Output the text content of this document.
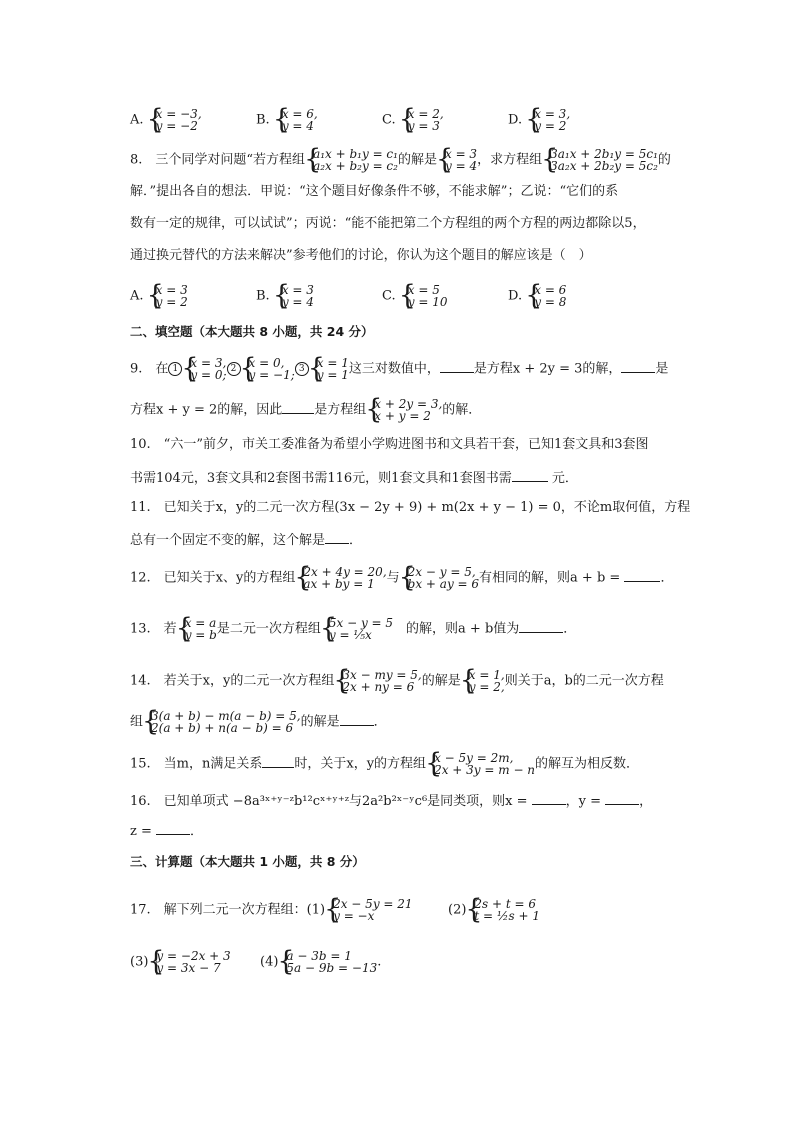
A. { x = −3,
y = −2	B. { x = 6,
y = 4	C. { x = 2,
y = 3	D. { x = 3,
y = 2
8.　三个同学对问题“若方程组 { a₁x + b₁y = c₁
a₂x + b₂y = c₂ 的解是 { x = 3
y = 4 ，求方程组 { 3a₁x + 2b₁y = 5c₁
3a₂x + 2b₂y = 5c₂ 的
解．”提出各自的想法．甲说：“这个题目好像条件不够，不能求解”；乙说：“它们的系
数有一定的规律，可以试试”；丙说：“能不能把第二个方程组的两个方程的两边都除以5，
通过换元替代的方法来解决”参考他们的讨论，你认为这个题目的解应该是（　）
A. { x = 3
y = 2	B. { x = 3
y = 4	C. { x = 5
y = 10	D. { x = 6
y = 8
二、填空题（本大题共 8 小题，共 24 分）
9.　在 1 { x = 3,
y = 0; 2 { x = 0,
y = −1; 3 { x = 1
y = 1 这三对数值中，	是方程x + 2y = 3的解，	是
方程x + y = 2的解，因此 是方程组 { x + 2y = 3,
x + y = 2 的解．
10.　“六一”前夕，市关工委准备为希望小学购进图书和文具若干套，已知1套文具和3套图
书需104元，3套文具和2套图书需116元，则1套文具和1套图书需	元．
11.　已知关于x，y的二元一次方程(3x − 2y + 9) + m(2x + y − 1) = 0，不论m取何值，方程
总有一个固定不变的解，这个解是 ．
12.　已知关于x、y的方程组 { 2x + 4y = 20,
ax + by = 1 与 { 2x − y = 5,
bx + ay = 6 有相同的解，则a + b =	．
13.　若 { x = a
y = b 是二元一次方程组 { 5x − y = 5
y = ⅕x	　的解，则a + b值为	．
14.　若关于x，y的二元一次方程组 { 3x − my = 5,
2x + ny = 6 的解是 { x = 1,
y = 2, 则关于a，b的二元一次方程
组 { 3(a + b) − m(a − b) = 5,
2(a + b) + n(a − b) = 6 的解是	．
15.　当m，n满足关系 时，关于x，y的方程组 { x − 5y = 2m,
2x + 3y = m − n 的解互为相反数．
16.　已知单项式 −8a³ˣ⁺ʸ⁻ᶻb¹²cˣ⁺ʸ⁺ᶻ与2a²b²ˣ⁻ʸc⁶是同类项，则x =	，y =	，
z =	．
三、计算题（本大题共 1 小题，共 8 分）
17.　解下列二元一次方程组：(1) { 2x − 5y = 21
y = −x	(2) { 2s + t = 6
t = ½s + 1
(3) { y = −2x + 3
y = 3x − 7	(4) { a − 3b = 1
5a − 9b = −13 .
